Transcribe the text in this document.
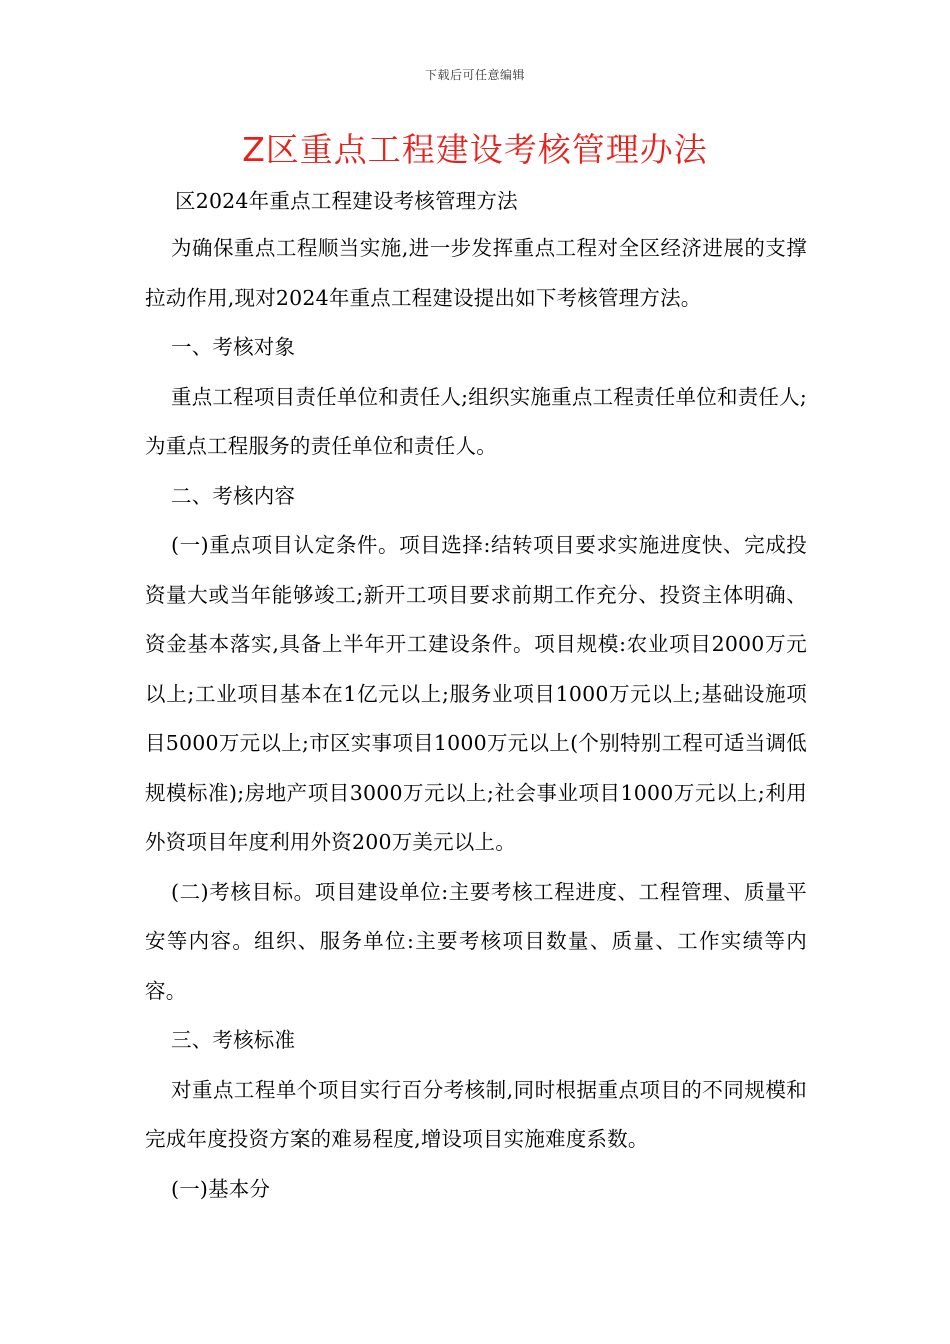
下载后可任意编辑
Z区重点工程建设考核管理办法

区2024年重点工程建设考核管理方法

为确保重点工程顺当实施,进一步发挥重点工程对全区经济进展的支撑拉动作用,现对2024年重点工程建设提出如下考核管理方法。

一、考核对象

重点工程项目责任单位和责任人;组织实施重点工程责任单位和责任人;为重点工程服务的责任单位和责任人。

二、考核内容

(一)重点项目认定条件。项目选择:结转项目要求实施进度快、完成投资量大或当年能够竣工;新开工项目要求前期工作充分、投资主体明确、资金基本落实,具备上半年开工建设条件。项目规模:农业项目2000万元以上;工业项目基本在1亿元以上;服务业项目1000万元以上;基础设施项目5000万元以上;市区实事项目1000万元以上(个别特别工程可适当调低规模标准);房地产项目3000万元以上;社会事业项目1000万元以上;利用外资项目年度利用外资200万美元以上。

(二)考核目标。项目建设单位:主要考核工程进度、工程管理、质量平安等内容。组织、服务单位:主要考核项目数量、质量、工作实绩等内容。

三、考核标准

对重点工程单个项目实行百分考核制,同时根据重点项目的不同规模和完成年度投资方案的难易程度,增设项目实施难度系数。

(一)基本分
